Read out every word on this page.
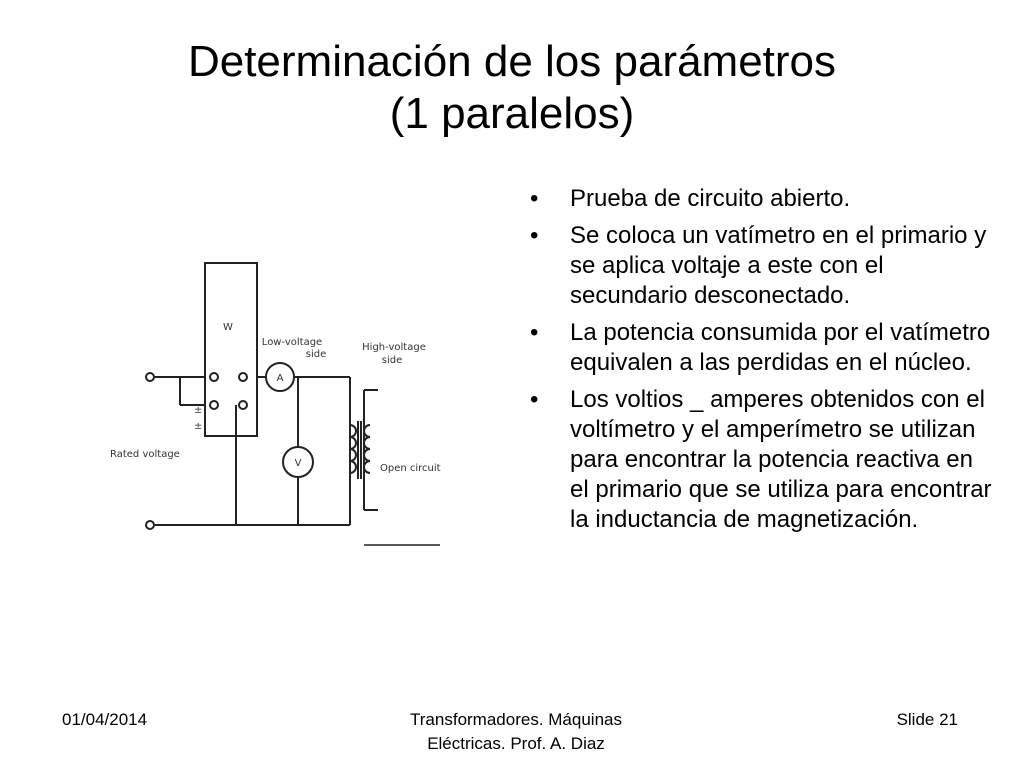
Determinación de los parámetros
(1 paralelos)
A
V
W
Low-voltage
side
High-voltage
side
Rated voltage
Open circuit
±
±
• Prueba de circuito abierto.
• Se coloca un vatímetro en el primario y se aplica voltaje a este con el secundario desconectado.
• La potencia consumida por el vatímetro equivalen a las perdidas en el núcleo.
• Los voltios _ amperes obtenidos con el voltímetro y el amperímetro se utilizan para encontrar la potencia reactiva en el primario que se utiliza para encontrar la inductancia de magnetización.
01/04/2014	Transformadores. Máquinas
Eléctricas. Prof. A. Diaz
Slide 21
